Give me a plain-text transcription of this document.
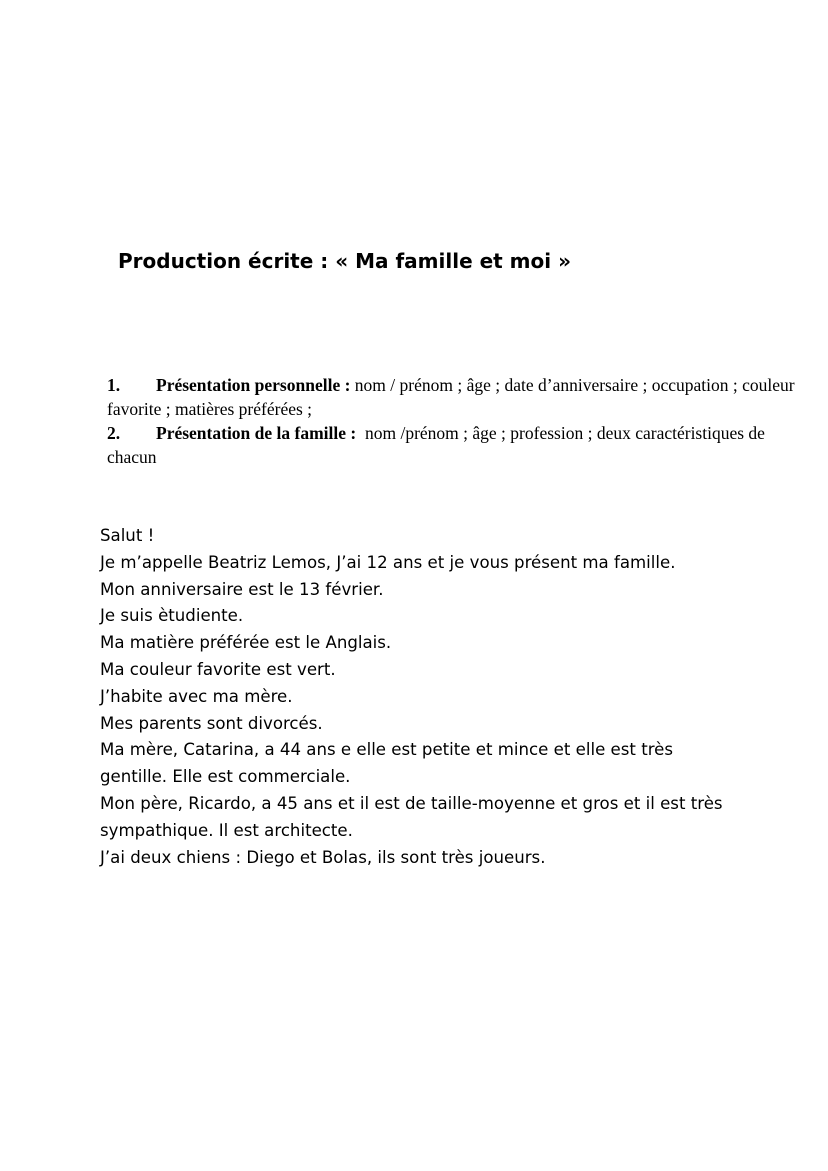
Production écrite : « Ma famille et moi »

1. Présentation personnelle : nom / prénom ; âge ; date d’anniversaire ; occupation ; couleur favorite ; matières préférées ;

2. Présentation de la famille :  nom /prénom ; âge ; profession ; deux caractéristiques de chacun

Salut !

Je m’appelle Beatriz Lemos, J’ai 12 ans et je vous présent ma famille.

Mon anniversaire est le 13 février.

Je suis ètudiente.

Ma matière préférée est le Anglais.

Ma couleur favorite est vert.

J’habite avec ma mère.

Mes parents sont divorcés.

Ma mère, Catarina, a 44 ans e elle est petite et mince et elle est très gentille. Elle est commerciale.

Mon père, Ricardo, a 45 ans et il est de taille-moyenne et gros et il est très sympathique. Il est architecte.

J’ai deux chiens : Diego et Bolas, ils sont très joueurs.
